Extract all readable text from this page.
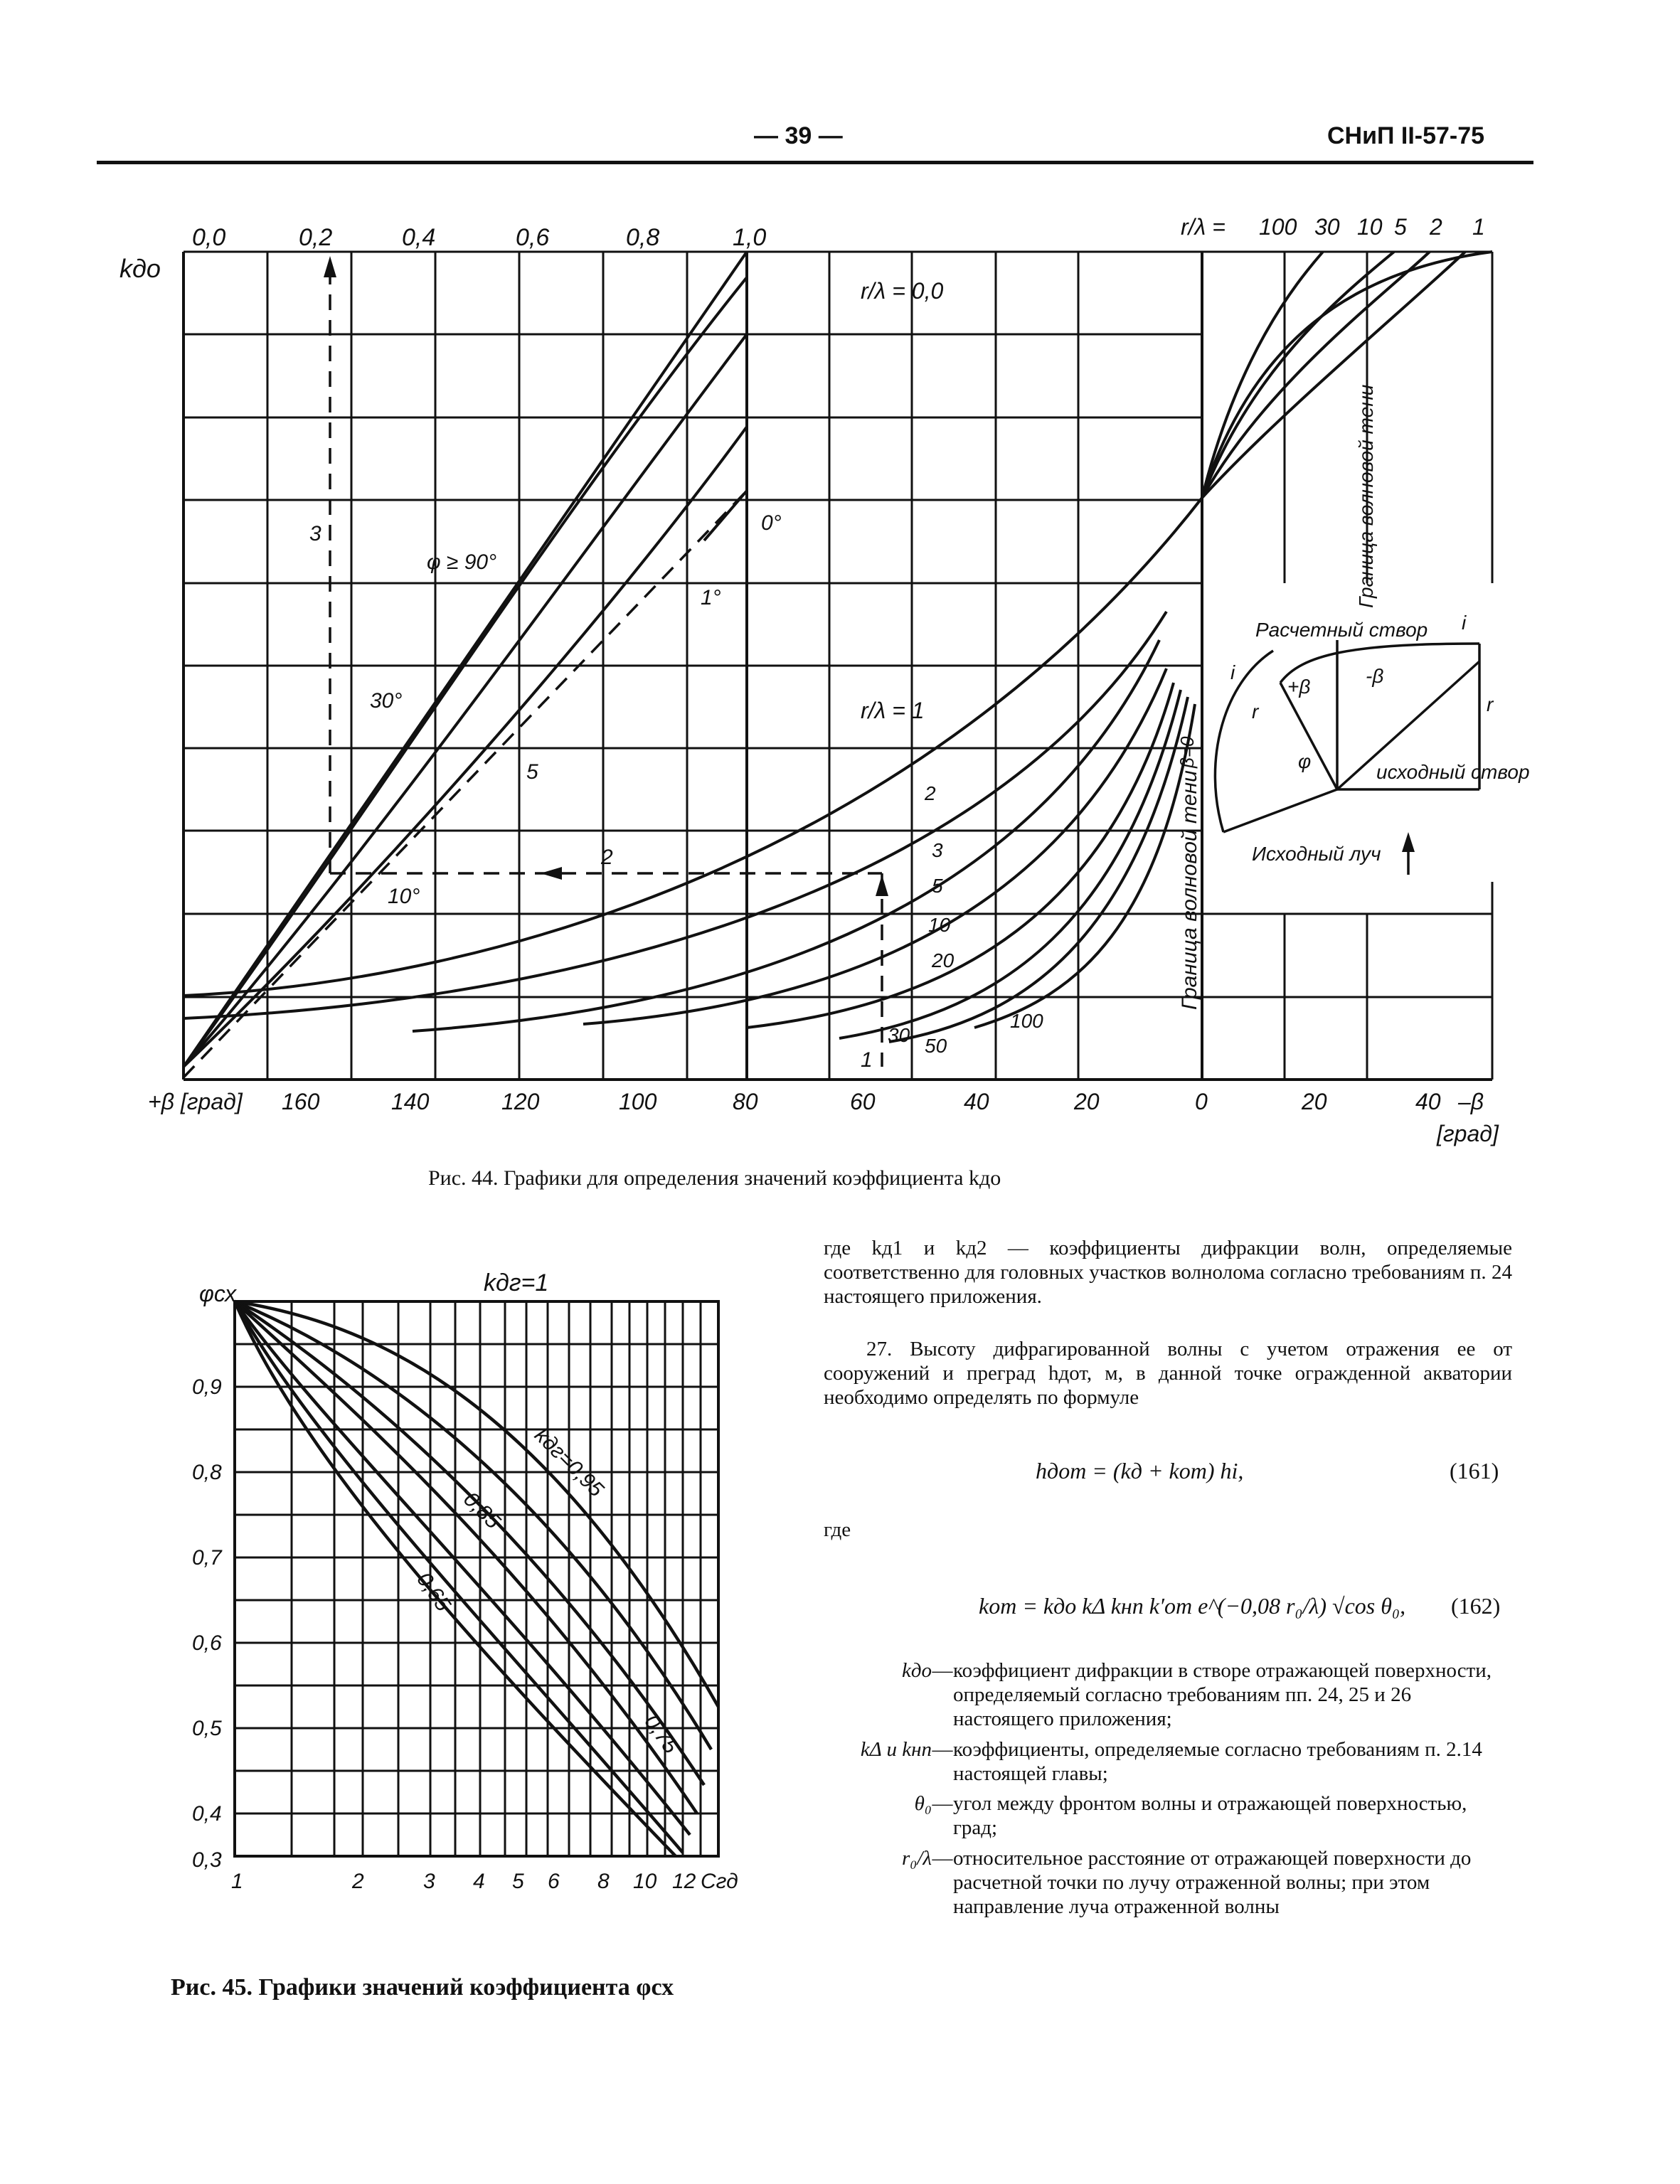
— 39 —	СНиП II-57-75
0,0	0,2	0,4	0,6	0,8	1,0
kдо
r/λ = 100 30 10 5 2 1
r/λ = 0,0
r/λ = 1
φ ≥ 90°
30°
10°
1°
0°
5
3
2
1
β=0
Граница волновой тени
Граница волновой тени
2
3
5
10
20
30 50
100
Расчетный створ
исходный створ
Исходный луч
i
i
r	r
+β	-β
φ
+β [град] 160	140	120	100	80	60	40	20	0	20	40 –β
[град]
Рис. 44. Графики для определения значений коэффициента kдо
φсх	kдг=1
0,9
0,8
0,7
0,6
0,5
0,4
0,3
1	2	3 4 5 6 8 10 12 Сгд
kдг=0,95
0,85
0,75
0,65
Рис. 45. Графики значений коэффициента φсх
где kд1 и kд2 — коэффициенты дифракции волн, определяемые соответственно для головных участков волнолома согласно требованиям п. 24 настоящего приложения.
27. Высоту дифрагированной волны с учетом отражения ее от сооружений и преград hдот, м, в данной точке огражденной акватории необходимо определять по формуле
hдот = (kд + kот) hi,	(161)
где
kот = kдо kΔ kнп k′от e^(−0,08 r₀/λ) √cos θ₀, (162)
kдо	—	коэффициент дифракции в створе отражающей поверхности, определяемый согласно требованиям пп. 24, 25 и 26 настоящего приложения;
kΔ и kнп	—	коэффициенты, определяемые согласно требованиям п. 2.14 настоящей главы;
θ₀	—	угол между фронтом волны и отражающей поверхностью, град;
r₀/λ	—	относительное расстояние от отражающей поверхности до расчетной точки по лучу отраженной волны; при этом направление луча отраженной волны
